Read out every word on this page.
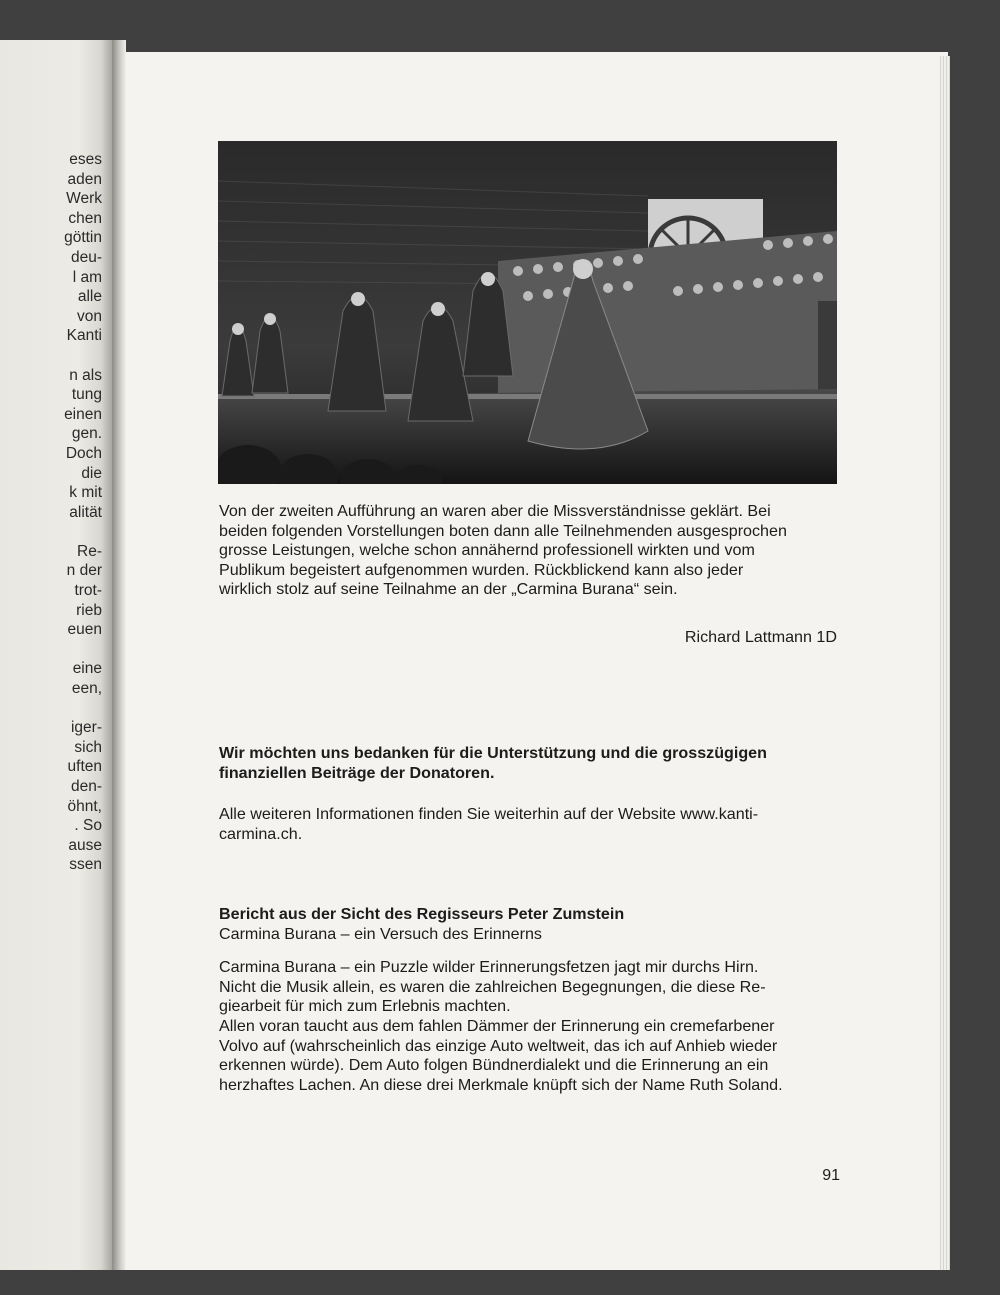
eses
aden
Werk
chen
göttin
deu-
l am
alle
von
Kanti
n als
tung
einen
gen.
Doch
die
k mit
alität
Re-
n der
trot-
rieb
euen
eine
een,
iger-
sich
uften
den-
öhnt,
. So
ause
ssen
Von der zweiten Aufführung an waren aber die Missverständnisse geklärt. Bei
beiden folgenden Vorstellungen boten dann alle Teilnehmenden ausgesprochen
grosse Leistungen, welche schon annähernd professionell wirkten und vom
Publikum begeistert aufgenommen wurden. Rückblickend kann also jeder
wirklich stolz auf seine Teilnahme an der „Carmina Burana“ sein.
Richard Lattmann 1D
Wir möchten uns bedanken für die Unterstützung und die grosszügigen
finanziellen Beiträge der Donatoren.
Alle weiteren Informationen finden Sie weiterhin auf der Website www.kanti-
carmina.ch.
Bericht aus der Sicht des Regisseurs Peter Zumstein
Carmina Burana – ein Versuch des Erinnerns
Carmina Burana – ein Puzzle wilder Erinnerungsfetzen jagt mir durchs Hirn.
Nicht die Musik allein, es waren die zahlreichen Begegnungen, die diese Re-
giearbeit für mich zum Erlebnis machten.
Allen voran taucht aus dem fahlen Dämmer der Erinnerung ein cremefarbener
Volvo auf (wahrscheinlich das einzige Auto weltweit, das ich auf Anhieb wieder
erkennen würde). Dem Auto folgen Bündnerdialekt und die Erinnerung an ein
herzhaftes Lachen. An diese drei Merkmale knüpft sich der Name Ruth Soland.
91
